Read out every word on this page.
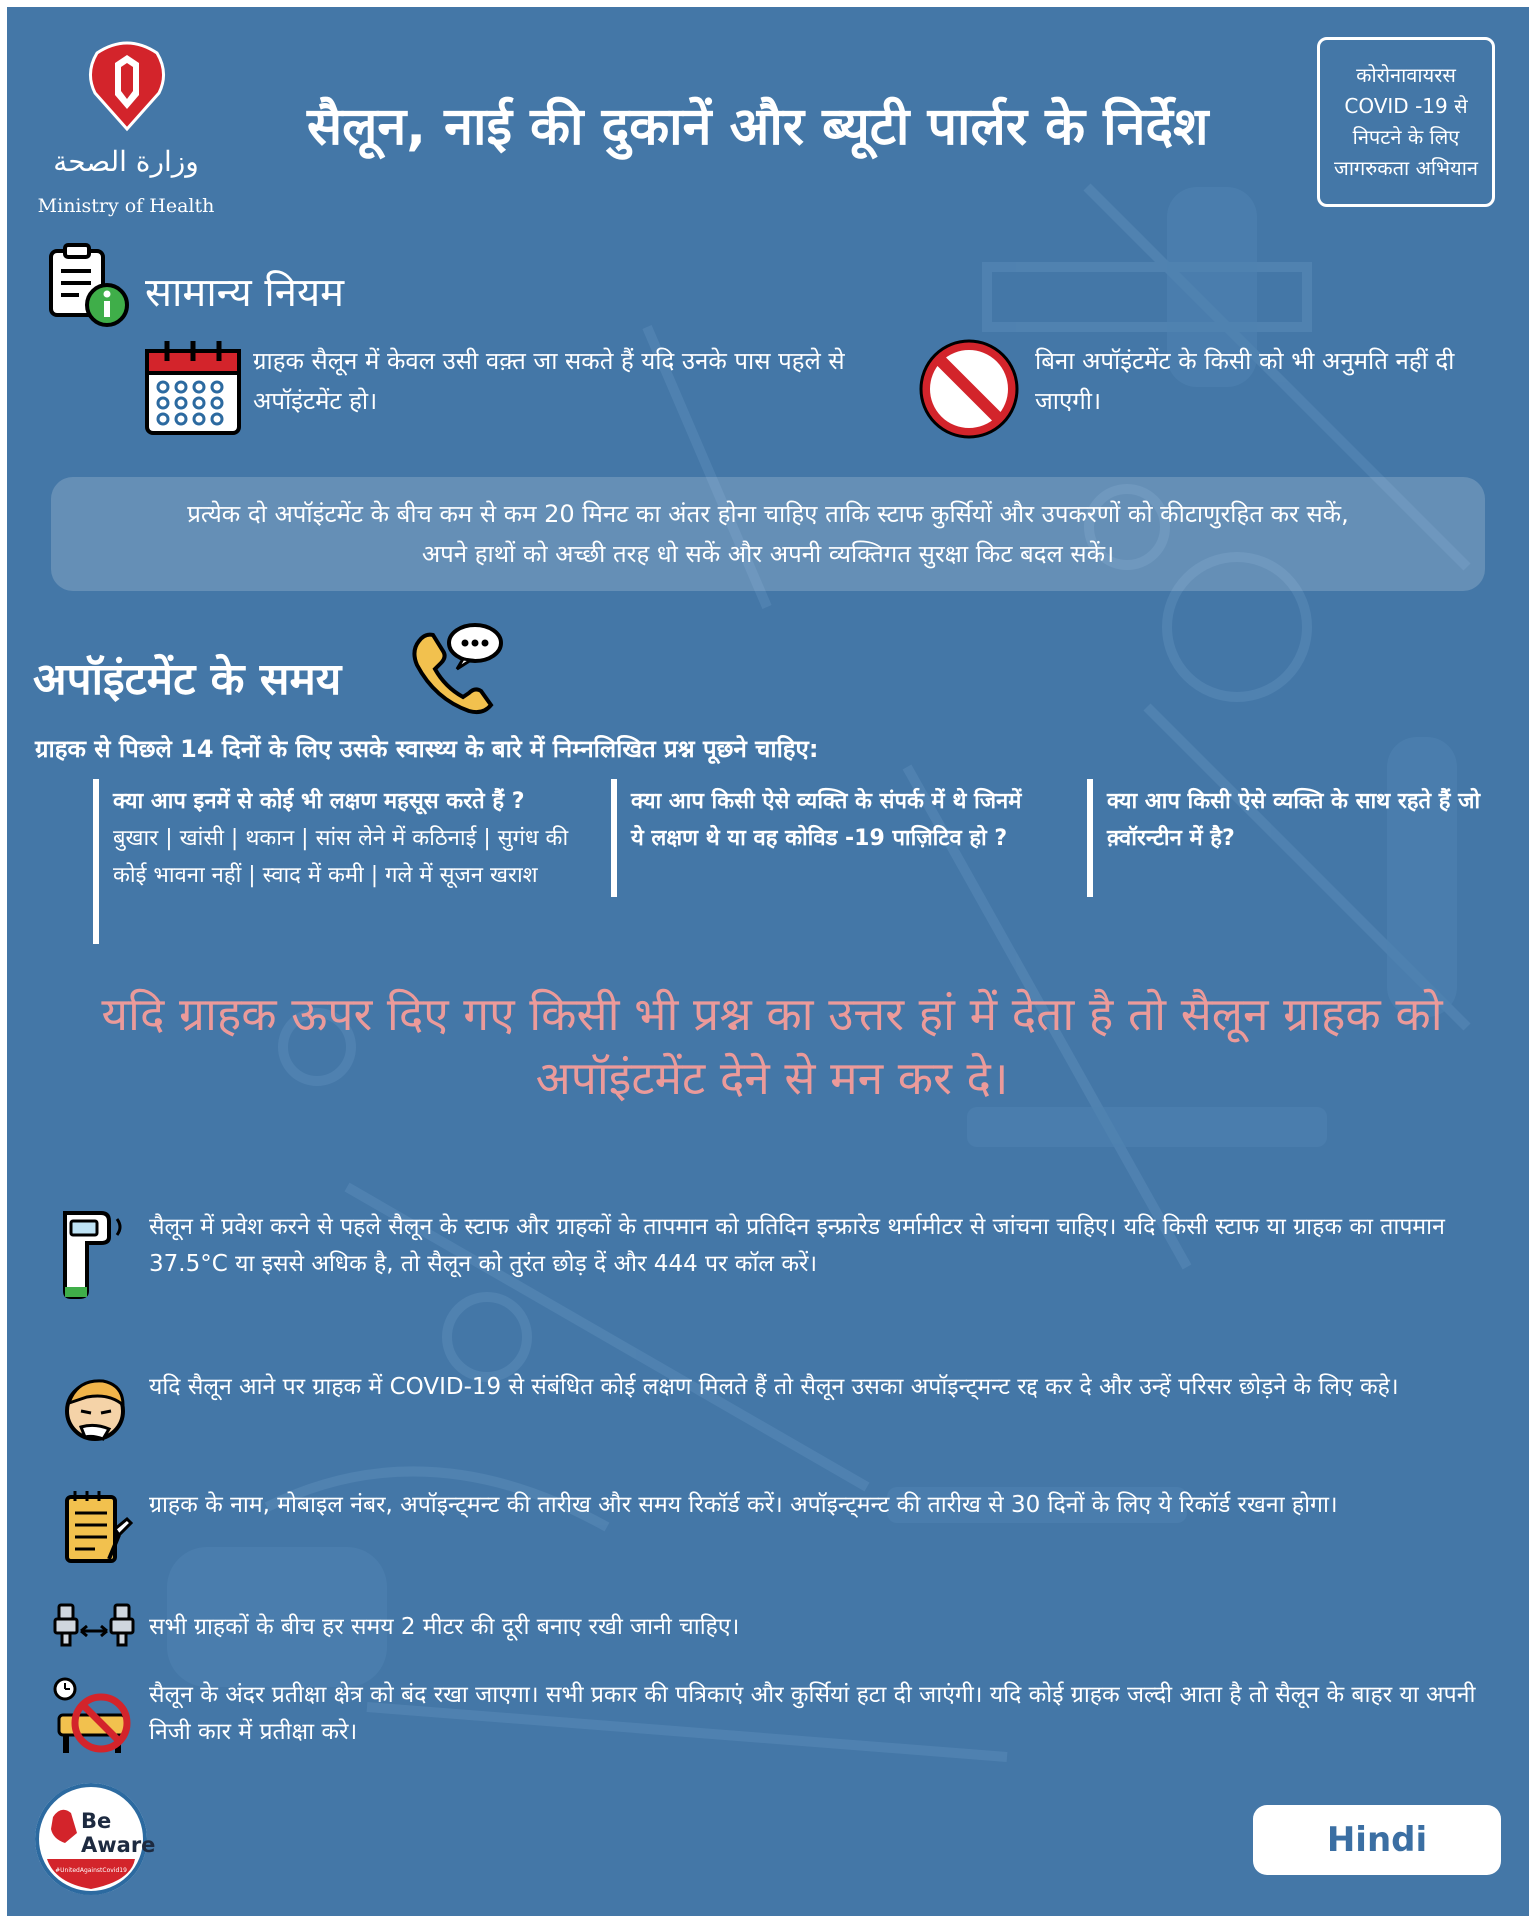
وزارة الصحة
Ministry of Health
सैलून, नाई की दुकानें और ब्यूटी पार्लर के निर्देश
कोरोनावायरस COVID -19 से निपटने के लिए जागरुकता अभियान
सामान्य नियम
ग्राहक सैलून में केवल उसी वक़्त जा सकते हैं यदि उनके पास पहले से अपॉइंटमेंट हो।
बिना अपॉइंटमेंट के किसी को भी अनुमति नहीं दी जाएगी।
प्रत्येक दो अपॉइंटमेंट के बीच कम से कम 20 मिनट का अंतर होना चाहिए ताकि स्टाफ कुर्सियों और उपकरणों को कीटाणुरहित कर सकें, अपने हाथों को अच्छी तरह धो सकें और अपनी व्यक्तिगत सुरक्षा किट बदल सकें।
अपॉइंटमेंट के समय
ग्राहक से पिछले 14 दिनों के लिए उसके स्वास्थ्य के बारे में निम्नलिखित प्रश्न पूछने चाहिए:
क्या आप इनमें से कोई भी लक्षण महसूस करते हैं ?
बुखार | खांसी | थकान | सांस लेने में कठिनाई | सुगंध की कोई भावना नहीं | स्वाद में कमी | गले में सूजन खराश
क्या आप किसी ऐसे व्यक्ति के संपर्क में थे जिनमें ये लक्षण थे या वह कोविड -19 पाज़िटिव हो ?
क्या आप किसी ऐसे व्यक्ति के साथ रहते हैं जो क़्वॉरन्टीन में है?
यदि ग्राहक ऊपर दिए गए किसी भी प्रश्न का उत्तर हां में देता है तो सैलून ग्राहक को अपॉइंटमेंट देने से मन कर दे।
सैलून में प्रवेश करने से पहले सैलून के स्टाफ और ग्राहकों के तापमान को प्रतिदिन इन्फ्रारेड थर्मामीटर से जांचना चाहिए। यदि किसी स्टाफ या ग्राहक का तापमान 37.5°C या इससे अधिक है, तो सैलून को तुरंत छोड़ दें और 444 पर कॉल करें।
यदि सैलून आने पर ग्राहक में COVID-19 से संबंधित कोई लक्षण मिलते हैं तो सैलून उसका अपॉइन्ट्मन्ट रद्द कर दे और उन्हें परिसर छोड़ने के लिए कहे।
ग्राहक के नाम, मोबाइल नंबर, अपॉइन्ट्मन्ट की तारीख और समय रिकॉर्ड करें। अपॉइन्ट्मन्ट की तारीख से 30 दिनों के लिए ये रिकॉर्ड रखना होगा।
सभी ग्राहकों के बीच हर समय 2 मीटर की दूरी बनाए रखी जानी चाहिए।
सैलून के अंदर प्रतीक्षा क्षेत्र को बंद रखा जाएगा। सभी प्रकार की पत्रिकाएं और कुर्सियां हटा दी जाएंगी। यदि कोई ग्राहक जल्दी आता है तो सैलून के बाहर या अपनी निजी कार में प्रतीक्षा करे।
Be
Aware
#UnitedAgainstCovid19
Hindi
